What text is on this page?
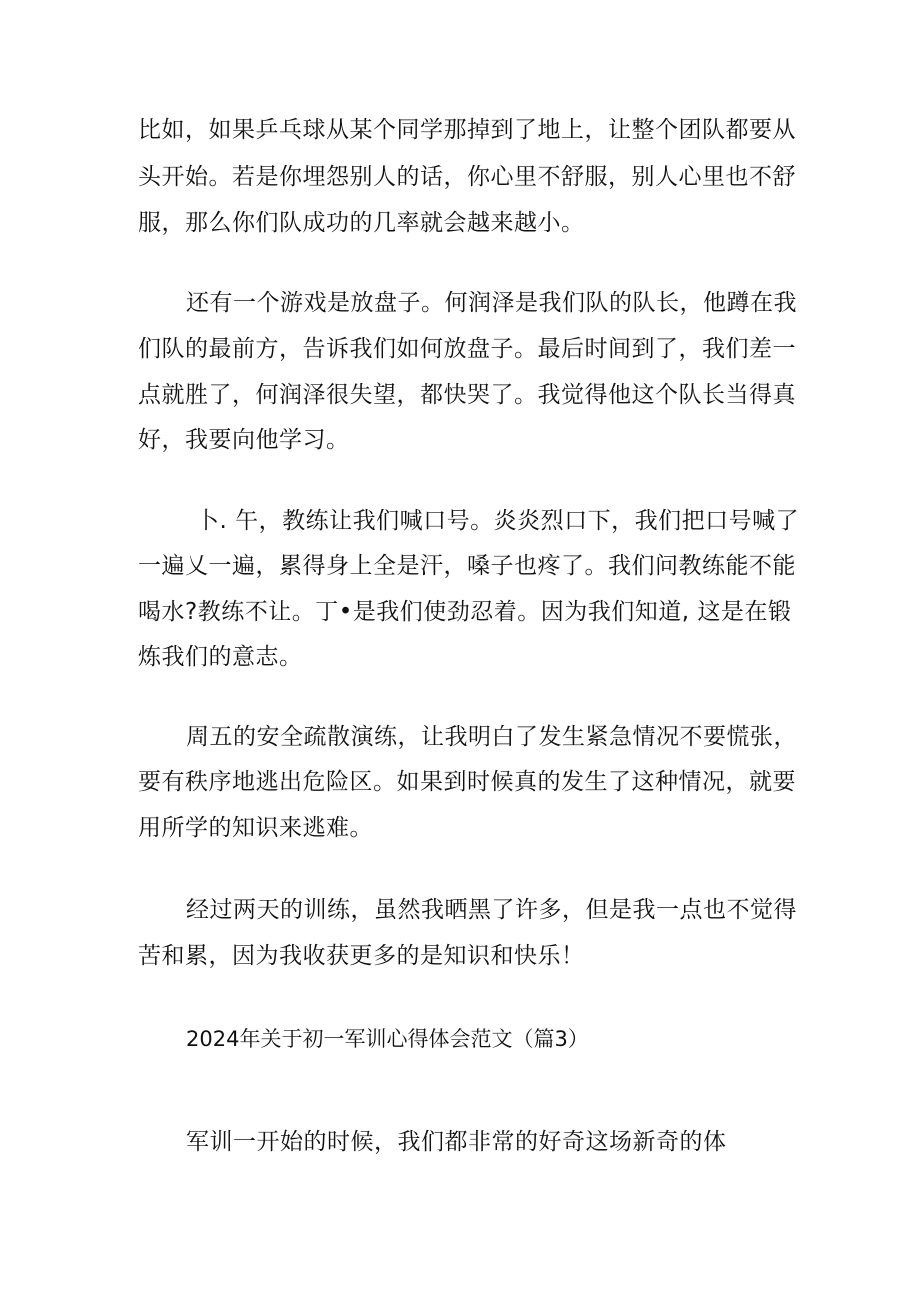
比如，如果乒乓球从某个同学那掉到了地上，让整个团队都要从
头开始。若是你埋怨别人的话，你心里不舒服，别人心里也不舒
服，那么你们队成功的几率就会越来越小。
还有一个游戏是放盘子。何润泽是我们队的队长，他蹲在我
们队的最前方，告诉我们如何放盘子。最后时间到了，我们差一
点就胜了，何润泽很失望，都快哭了。我觉得他这个队长当得真
好，我要向他学习。
卜. 午，教练让我们喊口号。炎炎烈口下，我们把口号喊了
一遍乂一遍，累得身上全是汗，嗓子也疼了。我们问教练能不能
喝水?教练不让。丁•是我们使劲忍着。因为我们知道, 这是在锻
炼我们的意志。
周五的安全疏散演练，让我明白了发生紧急情况不要慌张，
要有秩序地逃出危险区。如果到时候真的发生了这种情况，就要
用所学的知识来逃难。
经过两天的训练，虽然我晒黑了许多，但是我一点也不觉得
苦和累，因为我收获更多的是知识和快乐！
2024年关于初一军训心得体会范文（篇3）
军训一开始的时候，我们都非常的好奇这场新奇的体
